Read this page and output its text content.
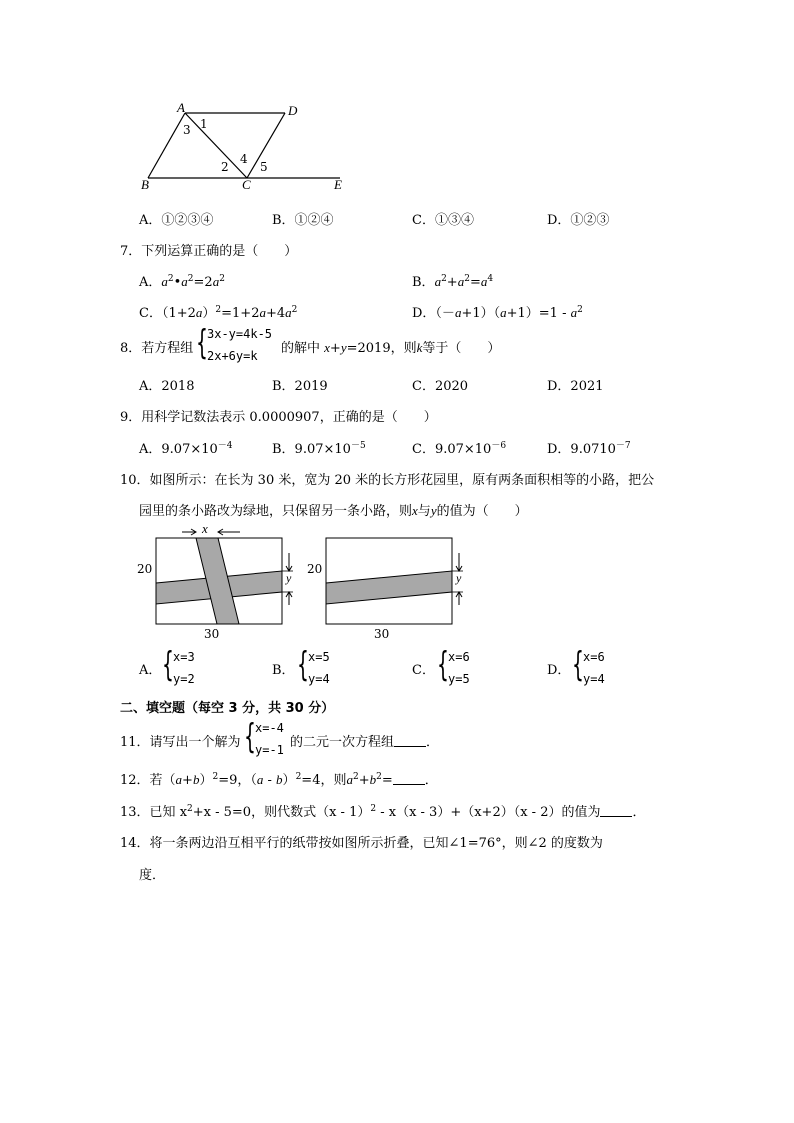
A	D
B	C	E
1
2
3
4
5
A．①②③④	B．①②④	C．①③④	D．①②③
7．下列运算正确的是（　　）
A．$a^2•a^2=2a^2$	B．$a^2+a^2=a^4$
C．$(1+2a)^2=1+2a+4a^2$	D．$(-a+1)(a+1)=1 - a^2$
8．若方程组 { 3x-y=4k-5
2x+6y=k 的解中 x+y=2019，则k等于（　　）
A．2018	B．2019	C．2020	D．2021
9．用科学记数法表示 0.0000907，正确的是（　　）
A．$9.07\times 10^{-4}$	B．$9.07\times 10^{-5}$	C．$9.07\times 10^{-6}$	D．$9.0710^{-7}$
10．如图所示：在长为 30 米，宽为 20 米的长方形花园里，原有两条面积相等的小路，把公
园里的条小路改为绿地，只保留另一条小路，则x与y的值为（　　）
x
20
y
30
20
y
30
A． { x=3
y=2
B． { x=5
y=4
C． { x=6
y=5
D． { x=6
y=4
二、填空题（每空 3 分，共 30 分）
11．请写出一个解为 { x=-4
y=-1 的二元一次方程组 ．
12．若$(a+b)^2=9$，（a - b）$^2$=4，则$a^2+b^2=$ ．
13．已知 $x^2+x - 5=0$，则代数式（x - 1）$^2$ - x（x - 3）+（x+2）（x - 2）的值为 ．
14．将一条两边沿互相平行的纸带按如图所示折叠，已知∠1=76°，则∠2 的度数为
度．
